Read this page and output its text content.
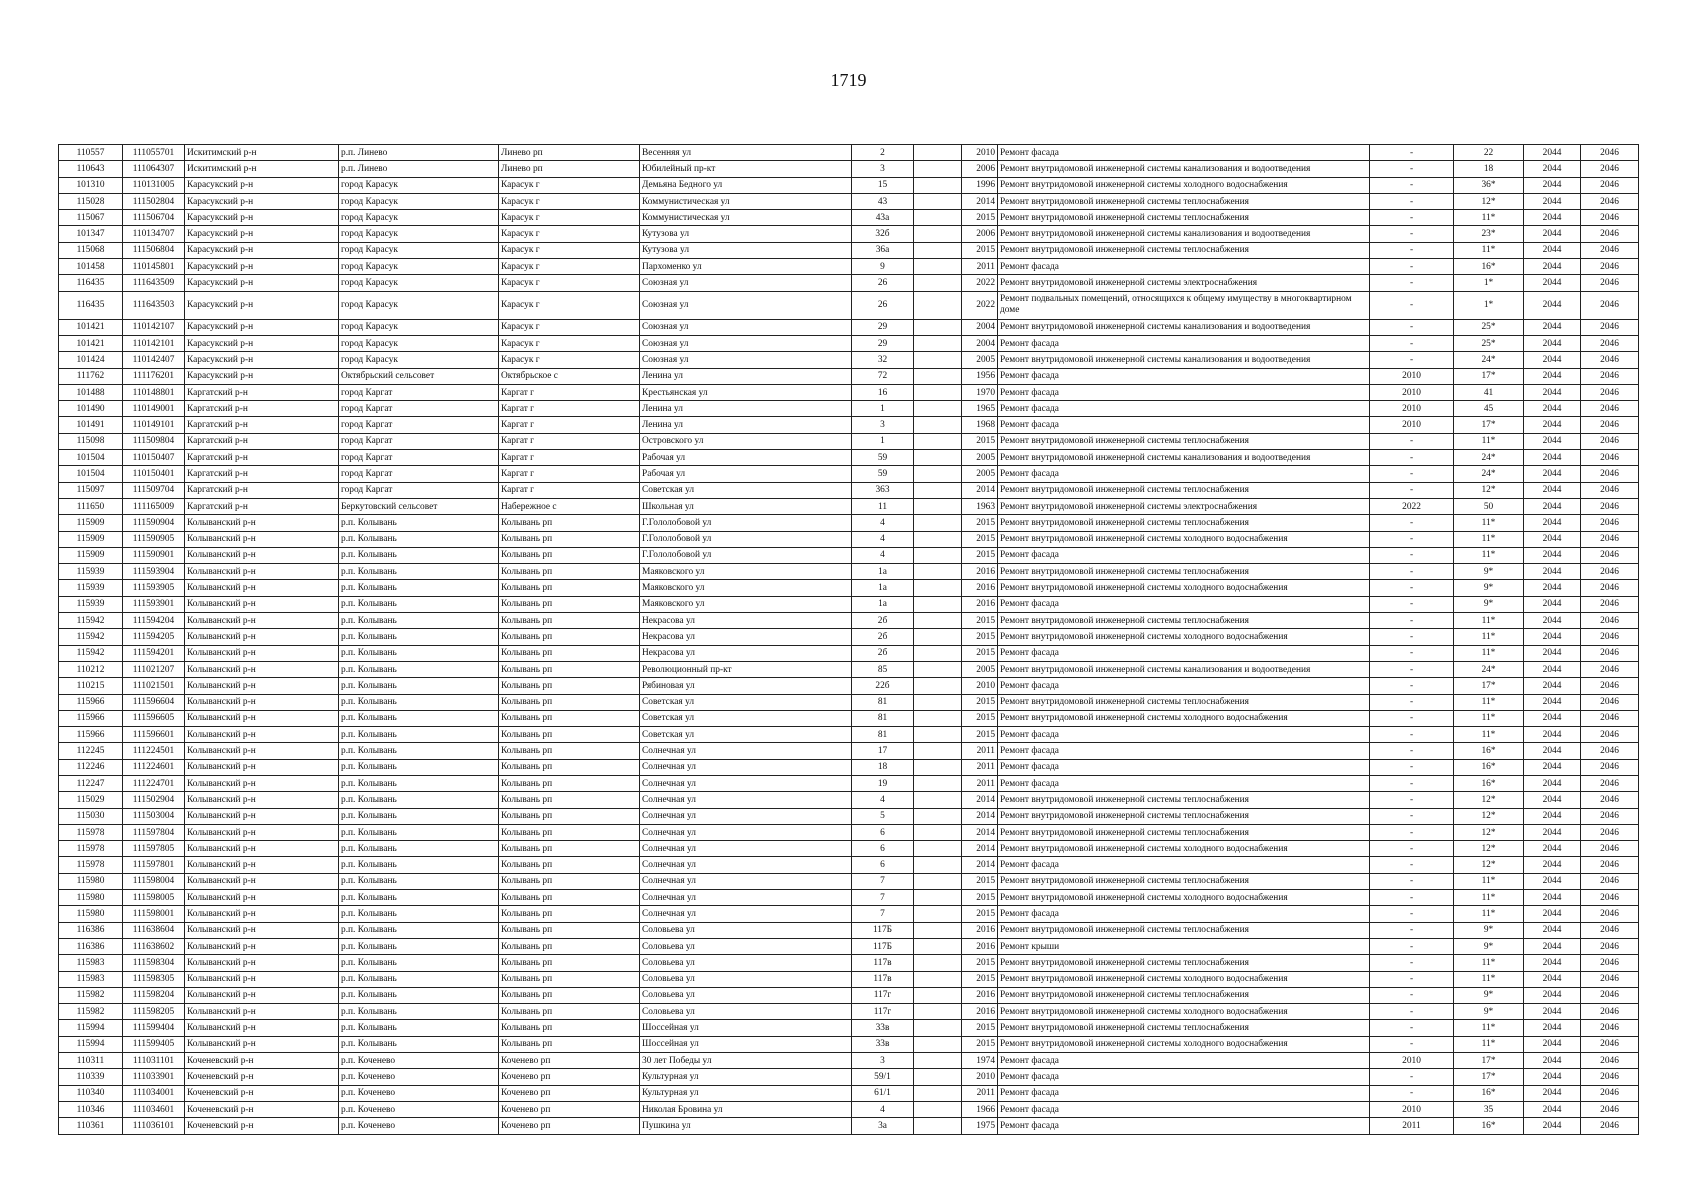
1719
110557	111055701	Искитимский р-н	р.п. Линево	Линево рп	Весенняя ул	2		2010	Ремонт фасада	-	22	2044	2046
110643	111064307	Искитимский р-н	р.п. Линево	Линево рп	Юбилейный пр-кт	3		2006	Ремонт внутридомовой инженерной системы канализования и водоотведения	-	18	2044	2046
101310	110131005	Карасукский р-н	город Карасук	Карасук г	Демьяна Бедного ул	15		1996	Ремонт внутридомовой инженерной системы холодного водоснабжения	-	36*	2044	2046
115028	111502804	Карасукский р-н	город Карасук	Карасук г	Коммунистическая ул	43		2014	Ремонт внутридомовой инженерной системы теплоснабжения	-	12*	2044	2046
115067	111506704	Карасукский р-н	город Карасук	Карасук г	Коммунистическая ул	43а		2015	Ремонт внутридомовой инженерной системы теплоснабжения	-	11*	2044	2046
101347	110134707	Карасукский р-н	город Карасук	Карасук г	Кутузова ул	32б		2006	Ремонт внутридомовой инженерной системы канализования и водоотведения	-	23*	2044	2046
115068	111506804	Карасукский р-н	город Карасук	Карасук г	Кутузова ул	36а		2015	Ремонт внутридомовой инженерной системы теплоснабжения	-	11*	2044	2046
101458	110145801	Карасукский р-н	город Карасук	Карасук г	Пархоменко ул	9		2011	Ремонт фасада	-	16*	2044	2046
116435	111643509	Карасукский р-н	город Карасук	Карасук г	Союзная ул	26		2022	Ремонт внутридомовой инженерной системы электроснабжения	-	1*	2044	2046
116435	111643503	Карасукский р-н	город Карасук	Карасук г	Союзная ул	26		2022	Ремонт подвальных помещений, относящихся к общему имуществу в многоквартирном доме	-	1*	2044	2046
101421	110142107	Карасукский р-н	город Карасук	Карасук г	Союзная ул	29		2004	Ремонт внутридомовой инженерной системы канализования и водоотведения	-	25*	2044	2046
101421	110142101	Карасукский р-н	город Карасук	Карасук г	Союзная ул	29		2004	Ремонт фасада	-	25*	2044	2046
101424	110142407	Карасукский р-н	город Карасук	Карасук г	Союзная ул	32		2005	Ремонт внутридомовой инженерной системы канализования и водоотведения	-	24*	2044	2046
111762	111176201	Карасукский р-н	Октябрьский сельсовет	Октябрьское с	Ленина ул	72		1956	Ремонт фасада	2010	17*	2044	2046
101488	110148801	Каргатский р-н	город Каргат	Каргат г	Крестьянская ул	16		1970	Ремонт фасада	2010	41	2044	2046
101490	110149001	Каргатский р-н	город Каргат	Каргат г	Ленина ул	1		1965	Ремонт фасада	2010	45	2044	2046
101491	110149101	Каргатский р-н	город Каргат	Каргат г	Ленина ул	3		1968	Ремонт фасада	2010	17*	2044	2046
115098	111509804	Каргатский р-н	город Каргат	Каргат г	Островского ул	1		2015	Ремонт внутридомовой инженерной системы теплоснабжения	-	11*	2044	2046
101504	110150407	Каргатский р-н	город Каргат	Каргат г	Рабочая ул	59		2005	Ремонт внутридомовой инженерной системы канализования и водоотведения	-	24*	2044	2046
101504	110150401	Каргатский р-н	город Каргат	Каргат г	Рабочая ул	59		2005	Ремонт фасада	-	24*	2044	2046
115097	111509704	Каргатский р-н	город Каргат	Каргат г	Советская ул	363		2014	Ремонт внутридомовой инженерной системы теплоснабжения	-	12*	2044	2046
111650	111165009	Каргатский р-н	Беркутовский сельсовет	Набережное с	Школьная ул	11		1963	Ремонт внутридомовой инженерной системы электроснабжения	2022	50	2044	2046
115909	111590904	Колыванский р-н	р.п. Колывань	Колывань рп	Г.Гололобовой ул	4		2015	Ремонт внутридомовой инженерной системы теплоснабжения	-	11*	2044	2046
115909	111590905	Колыванский р-н	р.п. Колывань	Колывань рп	Г.Гололобовой ул	4		2015	Ремонт внутридомовой инженерной системы холодного водоснабжения	-	11*	2044	2046
115909	111590901	Колыванский р-н	р.п. Колывань	Колывань рп	Г.Гололобовой ул	4		2015	Ремонт фасада	-	11*	2044	2046
115939	111593904	Колыванский р-н	р.п. Колывань	Колывань рп	Маяковского ул	1а		2016	Ремонт внутридомовой инженерной системы теплоснабжения	-	9*	2044	2046
115939	111593905	Колыванский р-н	р.п. Колывань	Колывань рп	Маяковского ул	1а		2016	Ремонт внутридомовой инженерной системы холодного водоснабжения	-	9*	2044	2046
115939	111593901	Колыванский р-н	р.п. Колывань	Колывань рп	Маяковского ул	1а		2016	Ремонт фасада	-	9*	2044	2046
115942	111594204	Колыванский р-н	р.п. Колывань	Колывань рп	Некрасова ул	2б		2015	Ремонт внутридомовой инженерной системы теплоснабжения	-	11*	2044	2046
115942	111594205	Колыванский р-н	р.п. Колывань	Колывань рп	Некрасова ул	2б		2015	Ремонт внутридомовой инженерной системы холодного водоснабжения	-	11*	2044	2046
115942	111594201	Колыванский р-н	р.п. Колывань	Колывань рп	Некрасова ул	2б		2015	Ремонт фасада	-	11*	2044	2046
110212	111021207	Колыванский р-н	р.п. Колывань	Колывань рп	Революционный пр-кт	85		2005	Ремонт внутридомовой инженерной системы канализования и водоотведения	-	24*	2044	2046
110215	111021501	Колыванский р-н	р.п. Колывань	Колывань рп	Рябиновая ул	22б		2010	Ремонт фасада	-	17*	2044	2046
115966	111596604	Колыванский р-н	р.п. Колывань	Колывань рп	Советская ул	81		2015	Ремонт внутридомовой инженерной системы теплоснабжения	-	11*	2044	2046
115966	111596605	Колыванский р-н	р.п. Колывань	Колывань рп	Советская ул	81		2015	Ремонт внутридомовой инженерной системы холодного водоснабжения	-	11*	2044	2046
115966	111596601	Колыванский р-н	р.п. Колывань	Колывань рп	Советская ул	81		2015	Ремонт фасада	-	11*	2044	2046
112245	111224501	Колыванский р-н	р.п. Колывань	Колывань рп	Солнечная ул	17		2011	Ремонт фасада	-	16*	2044	2046
112246	111224601	Колыванский р-н	р.п. Колывань	Колывань рп	Солнечная ул	18		2011	Ремонт фасада	-	16*	2044	2046
112247	111224701	Колыванский р-н	р.п. Колывань	Колывань рп	Солнечная ул	19		2011	Ремонт фасада	-	16*	2044	2046
115029	111502904	Колыванский р-н	р.п. Колывань	Колывань рп	Солнечная ул	4		2014	Ремонт внутридомовой инженерной системы теплоснабжения	-	12*	2044	2046
115030	111503004	Колыванский р-н	р.п. Колывань	Колывань рп	Солнечная ул	5		2014	Ремонт внутридомовой инженерной системы теплоснабжения	-	12*	2044	2046
115978	111597804	Колыванский р-н	р.п. Колывань	Колывань рп	Солнечная ул	6		2014	Ремонт внутридомовой инженерной системы теплоснабжения	-	12*	2044	2046
115978	111597805	Колыванский р-н	р.п. Колывань	Колывань рп	Солнечная ул	6		2014	Ремонт внутридомовой инженерной системы холодного водоснабжения	-	12*	2044	2046
115978	111597801	Колыванский р-н	р.п. Колывань	Колывань рп	Солнечная ул	6		2014	Ремонт фасада	-	12*	2044	2046
115980	111598004	Колыванский р-н	р.п. Колывань	Колывань рп	Солнечная ул	7		2015	Ремонт внутридомовой инженерной системы теплоснабжения	-	11*	2044	2046
115980	111598005	Колыванский р-н	р.п. Колывань	Колывань рп	Солнечная ул	7		2015	Ремонт внутридомовой инженерной системы холодного водоснабжения	-	11*	2044	2046
115980	111598001	Колыванский р-н	р.п. Колывань	Колывань рп	Солнечная ул	7		2015	Ремонт фасада	-	11*	2044	2046
116386	111638604	Колыванский р-н	р.п. Колывань	Колывань рп	Соловьева ул	117Б		2016	Ремонт внутридомовой инженерной системы теплоснабжения	-	9*	2044	2046
116386	111638602	Колыванский р-н	р.п. Колывань	Колывань рп	Соловьева ул	117Б		2016	Ремонт крыши	-	9*	2044	2046
115983	111598304	Колыванский р-н	р.п. Колывань	Колывань рп	Соловьева ул	117в		2015	Ремонт внутридомовой инженерной системы теплоснабжения	-	11*	2044	2046
115983	111598305	Колыванский р-н	р.п. Колывань	Колывань рп	Соловьева ул	117в		2015	Ремонт внутридомовой инженерной системы холодного водоснабжения	-	11*	2044	2046
115982	111598204	Колыванский р-н	р.п. Колывань	Колывань рп	Соловьева ул	117г		2016	Ремонт внутридомовой инженерной системы теплоснабжения	-	9*	2044	2046
115982	111598205	Колыванский р-н	р.п. Колывань	Колывань рп	Соловьева ул	117г		2016	Ремонт внутридомовой инженерной системы холодного водоснабжения	-	9*	2044	2046
115994	111599404	Колыванский р-н	р.п. Колывань	Колывань рп	Шоссейная ул	33в		2015	Ремонт внутридомовой инженерной системы теплоснабжения	-	11*	2044	2046
115994	111599405	Колыванский р-н	р.п. Колывань	Колывань рп	Шоссейная ул	33в		2015	Ремонт внутридомовой инженерной системы холодного водоснабжения	-	11*	2044	2046
110311	111031101	Коченевский р-н	р.п. Коченево	Коченево рп	30 лет Победы ул	3		1974	Ремонт фасада	2010	17*	2044	2046
110339	111033901	Коченевский р-н	р.п. Коченево	Коченево рп	Культурная ул	59/1		2010	Ремонт фасада	-	17*	2044	2046
110340	111034001	Коченевский р-н	р.п. Коченево	Коченево рп	Культурная ул	61/1		2011	Ремонт фасада	-	16*	2044	2046
110346	111034601	Коченевский р-н	р.п. Коченево	Коченево рп	Николая Бровина ул	4		1966	Ремонт фасада	2010	35	2044	2046
110361	111036101	Коченевский р-н	р.п. Коченево	Коченево рп	Пушкина ул	3а		1975	Ремонт фасада	2011	16*	2044	2046
